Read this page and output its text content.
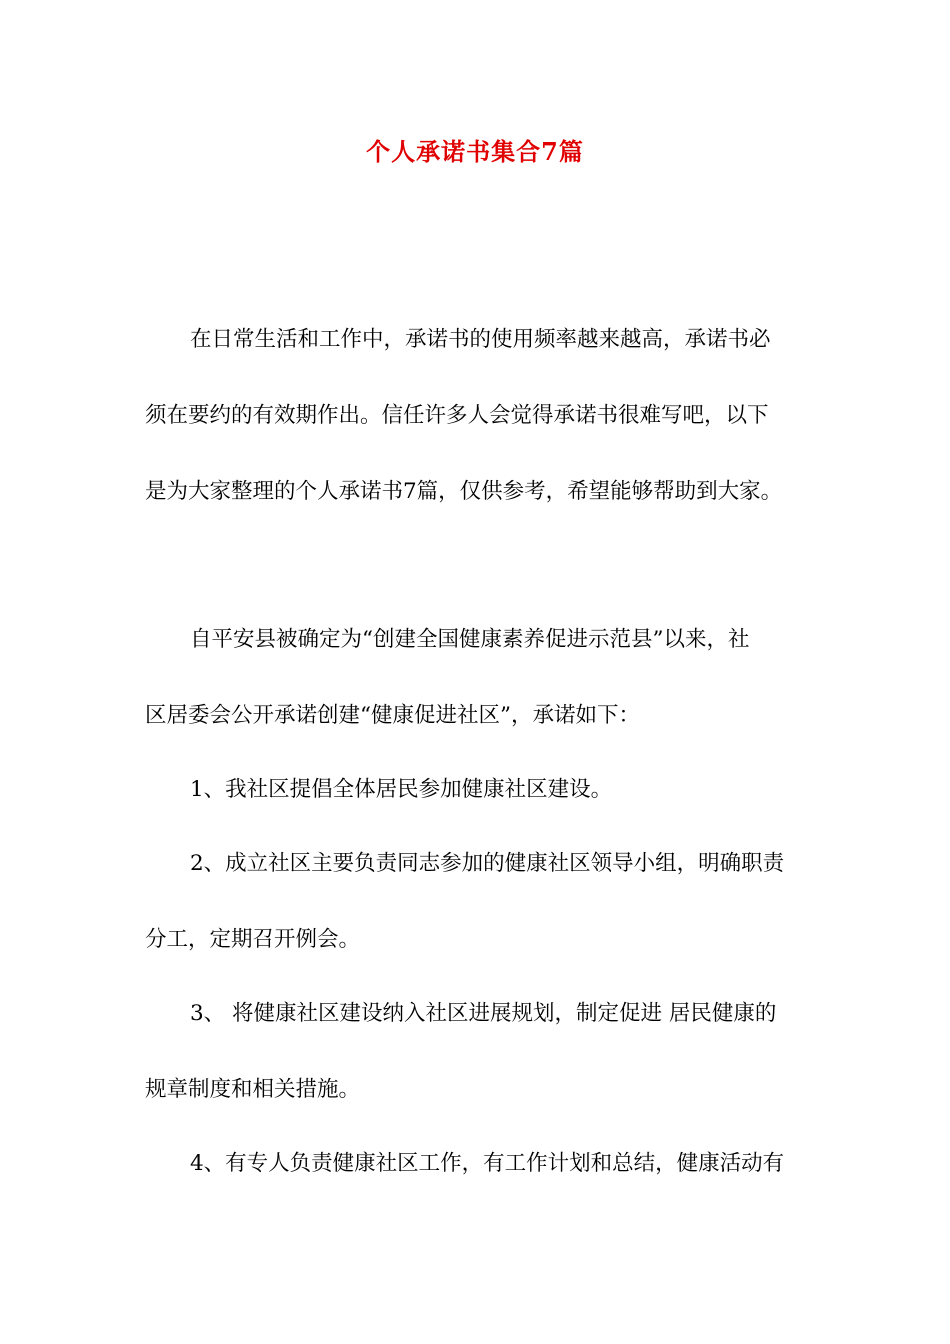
个人承诺书集合7篇
在日常生活和工作中，承诺书的使用频率越来越高，承诺书必
须在要约的有效期作出。信任许多人会觉得承诺书很难写吧，以下
是为大家整理的个人承诺书7篇，仅供参考，希望能够帮助到大家。
自平安县被确定为“创建全国健康素养促进示范县”以来，社
区居委会公开承诺创建“健康促进社区”，承诺如下：
1、我社区提倡全体居民参加健康社区建设。
2、成立社区主要负责同志参加的健康社区领导小组，明确职责
分工，定期召开例会。
3、 将健康社区建设纳入社区进展规划，制定促进 居民健康的
规章制度和相关措施。
4、有专人负责健康社区工作，有工作计划和总结，健康活动有
